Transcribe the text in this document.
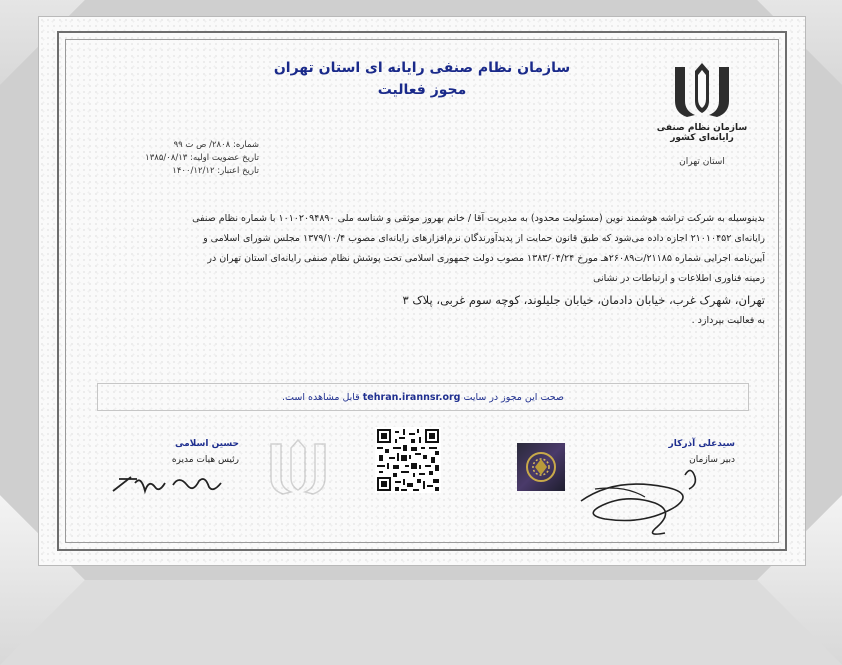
سازمان نظام صنفی رایانه ای استان تهران
مجوز فعالیت
سازمان نظام صنفی رایانه‌ای کشور
استان تهران
شماره: ۲۸۰۸/ ص ت ۹۹
تاریخ عضویت اولیه: ۱۳۸۵/۰۸/۱۳
تاریخ اعتبار: ۱۴۰۰/۱۲/۱۲
بدینوسیله به شرکت تراشه هوشمند نوین (مسئولیت محدود) به مدیریت آقا / خانم بهروز موثقی و شناسه ملی ۱۰۱۰۲۰۹۴۸۹۰ با شماره نظام صنفی
رایانه‌ای ۲۱۰۱۰۴۵۲ اجازه داده می‌شود که طبق قانون حمایت از پدیدآورندگان نرم‌افزارهای رایانه‌ای مصوب ۱۳۷۹/۱۰/۴ مجلس شورای اسلامی و
آیین‌نامه اجرایی شماره ۲۱۱۸۵/ت۲۶۰۸۹هـ مورخ ۱۳۸۳/۰۴/۲۴ مصوب دولت جمهوری اسلامی تحت پوشش نظام صنفی رایانه‌ای استان تهران در
زمینه فناوری اطلاعات و ارتباطات در نشانی
تهران، شهرک غرب، خیابان دادمان، خیابان جلیلوند، کوچه سوم غربی، پلاک ۳
به فعالیت بپردازد .
صحت این مجوز در سایت

tehran.irannsr.org

قابل مشاهده است.
حسین اسلامی
رئیس هیات مدیره
سیدعلی آذرکار
دبیر سازمان
